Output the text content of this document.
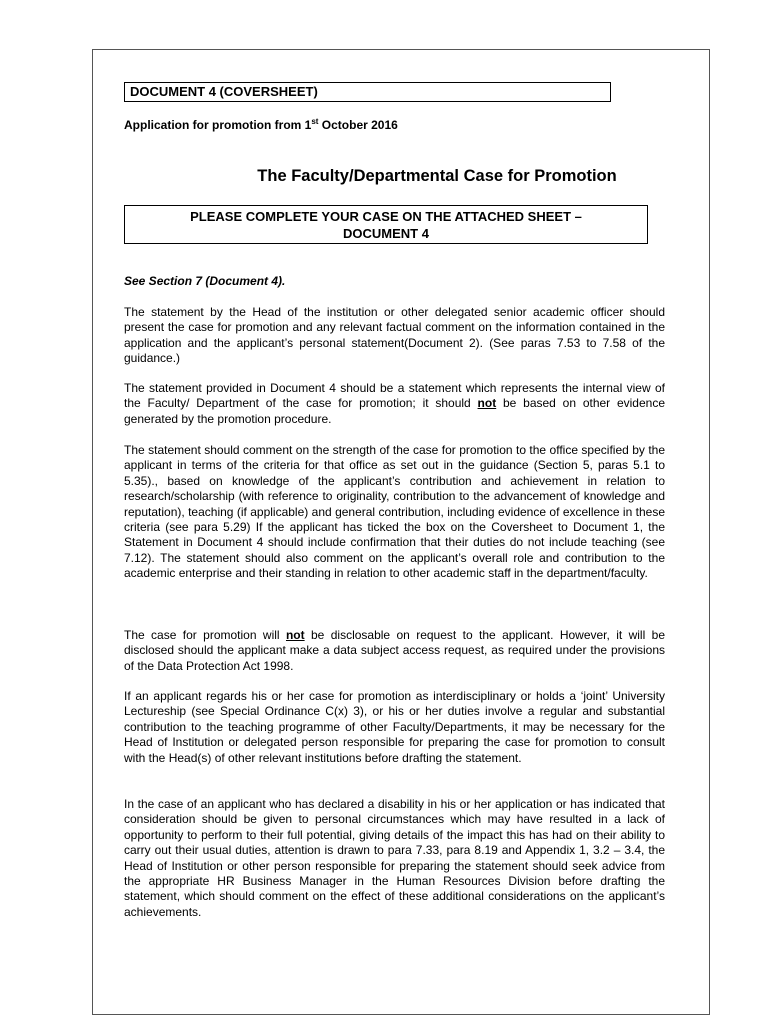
DOCUMENT 4 (COVERSHEET)
Application for promotion from 1st October 2016
The Faculty/Departmental Case for Promotion
PLEASE COMPLETE YOUR CASE ON THE ATTACHED SHEET –
DOCUMENT 4
See Section 7 (Document 4).

The statement by the Head of the institution or other delegated senior academic officer should present the case for promotion and any relevant factual comment on the information contained in the application and the applicant’s personal statement(Document 2). (See paras 7.53 to 7.58 of the guidance.)

The statement provided in Document 4 should be a statement which represents the internal view of the Faculty/ Department of the case for promotion; it should not be based on other evidence generated by the promotion procedure.

The statement should comment on the strength of the case for promotion to the office specified by the applicant in terms of the criteria for that office as set out in the guidance (Section 5, paras 5.1 to 5.35)., based on knowledge of the applicant’s contribution and achievement in relation to research/scholarship (with reference to originality, contribution to the advancement of knowledge and reputation), teaching (if applicable) and general contribution, including evidence of excellence in these criteria (see para 5.29) If the applicant has ticked the box on the Coversheet to Document 1, the Statement in Document 4 should include confirmation that their duties do not include teaching (see 7.12). The statement should also comment on the applicant’s overall role and contribution to the academic enterprise and their standing in relation to other academic staff in the department/faculty.

The case for promotion will not be disclosable on request to the applicant. However, it will be disclosed should the applicant make a data subject access request, as required under the provisions of the Data Protection Act 1998.

If an applicant regards his or her case for promotion as interdisciplinary or holds a ‘joint’ University Lectureship (see Special Ordinance C(x) 3), or his or her duties involve a regular and substantial contribution to the teaching programme of other Faculty/Departments, it may be necessary for the Head of Institution or delegated person responsible for preparing the case for promotion to consult with the Head(s) of other relevant institutions before drafting the statement.

In the case of an applicant who has declared a disability in his or her application or has indicated that consideration should be given to personal circumstances which may have resulted in a lack of opportunity to perform to their full potential, giving details of the impact this has had on their ability to carry out their usual duties, attention is drawn to para 7.33, para 8.19 and Appendix 1, 3.2 – 3.4, the Head of Institution or other person responsible for preparing the statement should seek advice from the appropriate HR Business Manager in the Human Resources Division before drafting the statement, which should comment on the effect of these additional considerations on the applicant’s achievements.
